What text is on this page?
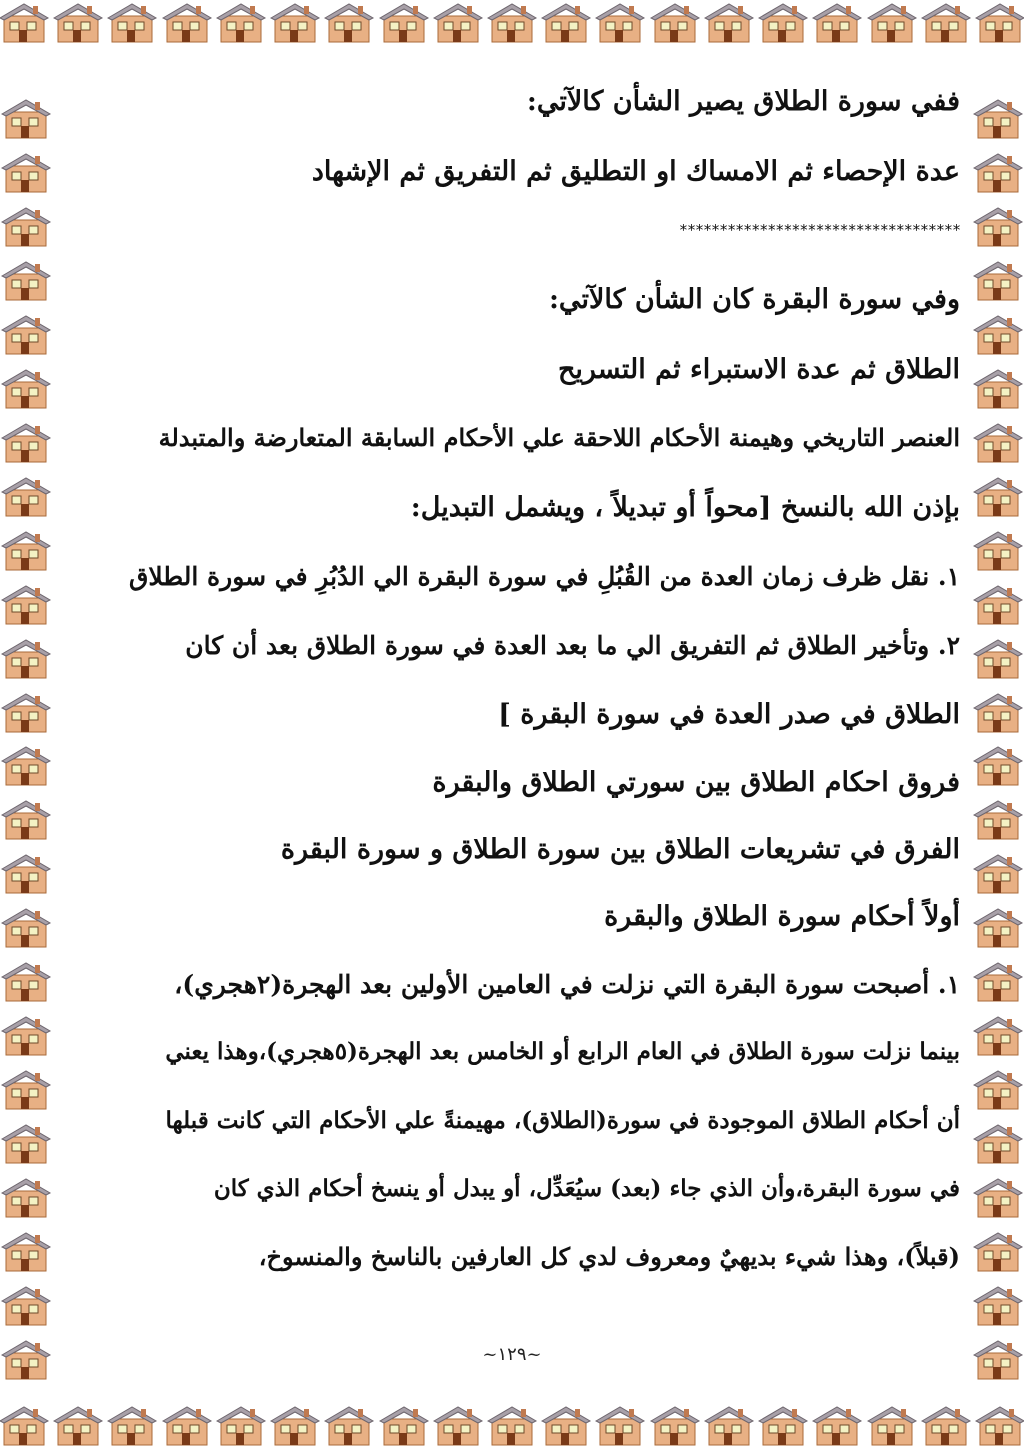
ففي سورة الطلاق يصير الشأن كالآتي:
عدة الإحصاء ثم الامساك او التطليق ثم التفريق ثم الإشهاد
***********************************
وفي سورة البقرة كان الشأن كالآتي:
الطلاق ثم عدة الاستبراء ثم التسريح
العنصر التاريخي وهيمنة الأحكام اللاحقة علي الأحكام السابقة المتعارضة والمتبدلة
بإذن الله بالنسخ [محواً أو تبديلاً ، ويشمل التبديل:
١. نقل ظرف زمان العدة من القُبُلِ في سورة البقرة الي الدُبُرِ في سورة الطلاق
٢. وتأخير الطلاق ثم التفريق الي ما بعد العدة في سورة الطلاق بعد أن كان
الطلاق في صدر العدة في سورة البقرة ]
فروق احكام الطلاق بين سورتي الطلاق والبقرة
الفرق في تشريعات الطلاق بين سورة الطلاق و سورة البقرة
أولاً أحكام سورة الطلاق والبقرة
١. أصبحت سورة البقرة التي نزلت في العامين الأولين بعد الهجرة(٢هجري)،
بينما نزلت سورة الطلاق في العام الرابع أو الخامس بعد الهجرة(٥هجري)،وهذا يعني
أن أحكام الطلاق الموجودة في سورة(الطلاق)، مهيمنةً علي الأحكام التي كانت قبلها
في سورة البقرة،وأن الذي جاء (بعد) سيُعَدِّل، أو يبدل أو ينسخ أحكام الذي كان
(قبلاً)، وهذا شيء بديهيٌ ومعروف لدي كل العارفين بالناسخ والمنسوخ،
~١٢٩~
